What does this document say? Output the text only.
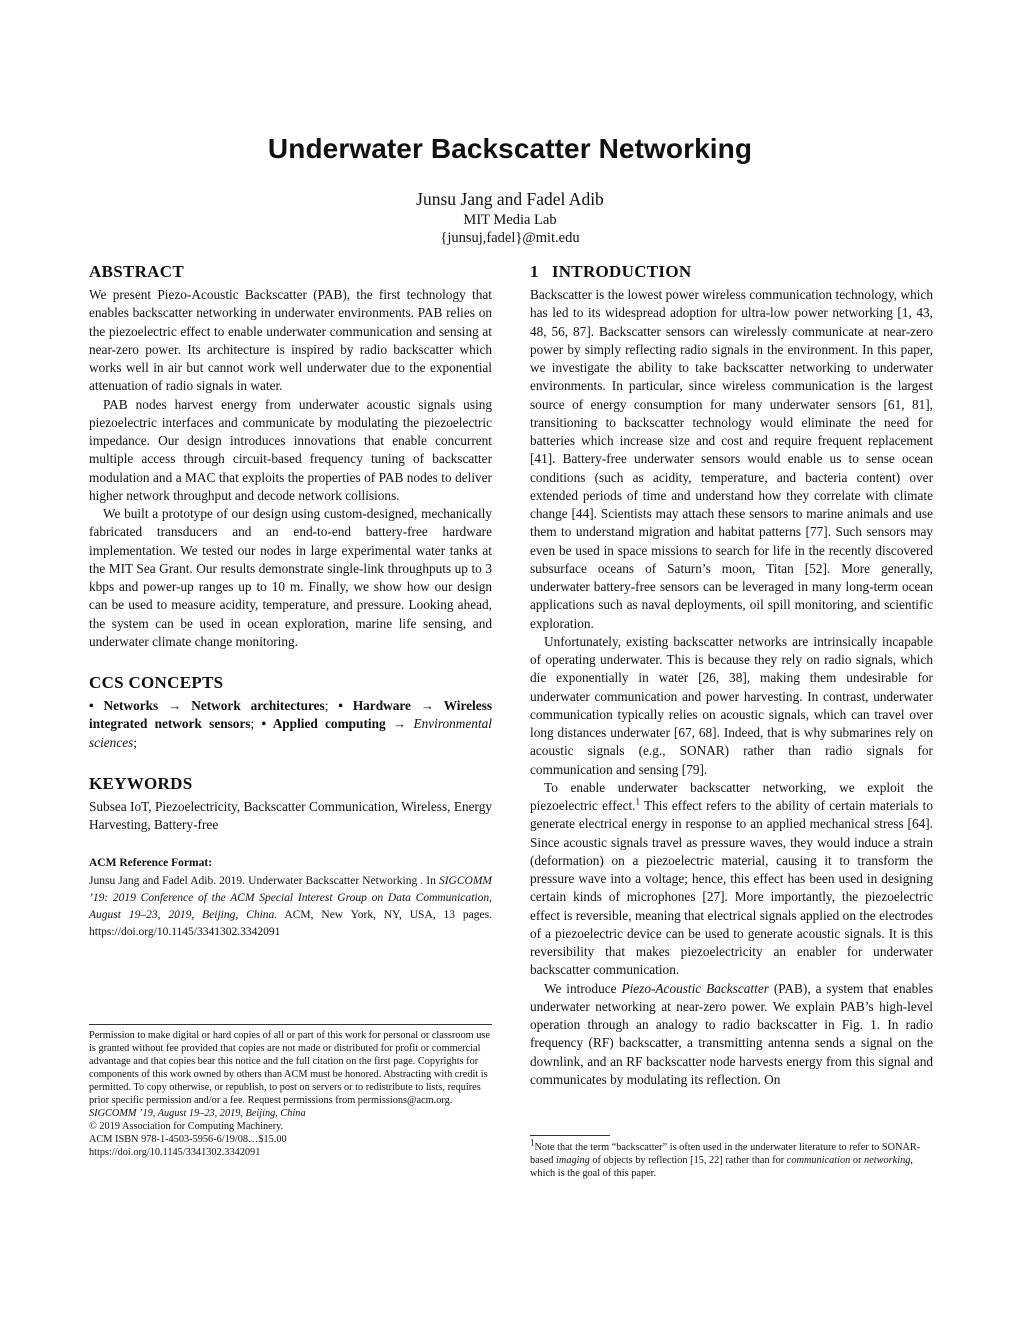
Underwater Backscatter Networking
Junsu Jang and Fadel Adib
MIT Media Lab
{junsuj,fadel}@mit.edu
ABSTRACT

We present Piezo-Acoustic Backscatter (PAB), the first technology that enables backscatter networking in underwater environments. PAB relies on the piezoelectric effect to enable underwater communication and sensing at near-zero power. Its architecture is inspired by radio backscatter which works well in air but cannot work well underwater due to the exponential attenuation of radio signals in water.

PAB nodes harvest energy from underwater acoustic signals using piezoelectric interfaces and communicate by modulating the piezoelectric impedance. Our design introduces innovations that enable concurrent multiple access through circuit-based frequency tuning of backscatter modulation and a MAC that exploits the properties of PAB nodes to deliver higher network throughput and decode network collisions.

We built a prototype of our design using custom-designed, mechanically fabricated transducers and an end-to-end battery-free hardware implementation. We tested our nodes in large experimental water tanks at the MIT Sea Grant. Our results demonstrate single-link throughputs up to 3 kbps and power-up ranges up to 10 m. Finally, we show how our design can be used to measure acidity, temperature, and pressure. Looking ahead, the system can be used in ocean exploration, marine life sensing, and underwater climate change monitoring.

CCS CONCEPTS

• Networks → Network architectures; • Hardware → Wireless integrated network sensors; • Applied computing → Environmental sciences;

KEYWORDS

Subsea IoT, Piezoelectricity, Backscatter Communication, Wireless, Energy Harvesting, Battery-free

ACM Reference Format:

Junsu Jang and Fadel Adib. 2019. Underwater Backscatter Networking . In SIGCOMM ’19: 2019 Conference of the ACM Special Interest Group on Data Communication, August 19–23, 2019, Beijing, China. ACM, New York, NY, USA, 13 pages. https://doi.org/10.1145/3341302.3342091

Permission to make digital or hard copies of all or part of this work for personal or classroom use is granted without fee provided that copies are not made or distributed for profit or commercial advantage and that copies bear this notice and the full citation on the first page. Copyrights for components of this work owned by others than ACM must be honored. Abstracting with credit is permitted. To copy otherwise, or republish, to post on servers or to redistribute to lists, requires prior specific permission and/or a fee. Request permissions from permissions@acm.org.

SIGCOMM ’19, August 19–23, 2019, Beijing, China

© 2019 Association for Computing Machinery.

ACM ISBN 978-1-4503-5956-6/19/08…$15.00

https://doi.org/10.1145/3341302.3342091

1 INTRODUCTION

Backscatter is the lowest power wireless communication technology, which has led to its widespread adoption for ultra-low power networking [1, 43, 48, 56, 87]. Backscatter sensors can wirelessly communicate at near-zero power by simply reflecting radio signals in the environment. In this paper, we investigate the ability to take backscatter networking to underwater environments. In particular, since wireless communication is the largest source of energy consumption for many underwater sensors [61, 81], transitioning to backscatter technology would eliminate the need for batteries which increase size and cost and require frequent replacement [41]. Battery-free underwater sensors would enable us to sense ocean conditions (such as acidity, temperature, and bacteria content) over extended periods of time and understand how they correlate with climate change [44]. Scientists may attach these sensors to marine animals and use them to understand migration and habitat patterns [77]. Such sensors may even be used in space missions to search for life in the recently discovered subsurface oceans of Saturn’s moon, Titan [52]. More generally, underwater battery-free sensors can be leveraged in many long-term ocean applications such as naval deployments, oil spill monitoring, and scientific exploration.

Unfortunately, existing backscatter networks are intrinsically incapable of operating underwater. This is because they rely on radio signals, which die exponentially in water [26, 38], making them undesirable for underwater communication and power harvesting. In contrast, underwater communication typically relies on acoustic signals, which can travel over long distances underwater [67, 68]. Indeed, that is why submarines rely on acoustic signals (e.g., SONAR) rather than radio signals for communication and sensing [79].

To enable underwater backscatter networking, we exploit the piezoelectric effect.$^1$ This effect refers to the ability of certain materials to generate electrical energy in response to an applied mechanical stress [64]. Since acoustic signals travel as pressure waves, they would induce a strain (deformation) on a piezoelectric material, causing it to transform the pressure wave into a voltage; hence, this effect has been used in designing certain kinds of microphones [27]. More importantly, the piezoelectric effect is reversible, meaning that electrical signals applied on the electrodes of a piezoelectric device can be used to generate acoustic signals. It is this reversibility that makes piezoelectricity an enabler for underwater backscatter communication.

We introduce Piezo-Acoustic Backscatter (PAB), a system that enables underwater networking at near-zero power. We explain PAB’s high-level operation through an analogy to radio backscatter in Fig. 1. In radio frequency (RF) backscatter, a transmitting antenna sends a signal on the downlink, and an RF backscatter node harvests energy from this signal and communicates by modulating its reflection. On

$^1$Note that the term “backscatter” is often used in the underwater literature to refer to SONAR-based imaging of objects by reflection [15, 22] rather than for communication or networking, which is the goal of this paper.
